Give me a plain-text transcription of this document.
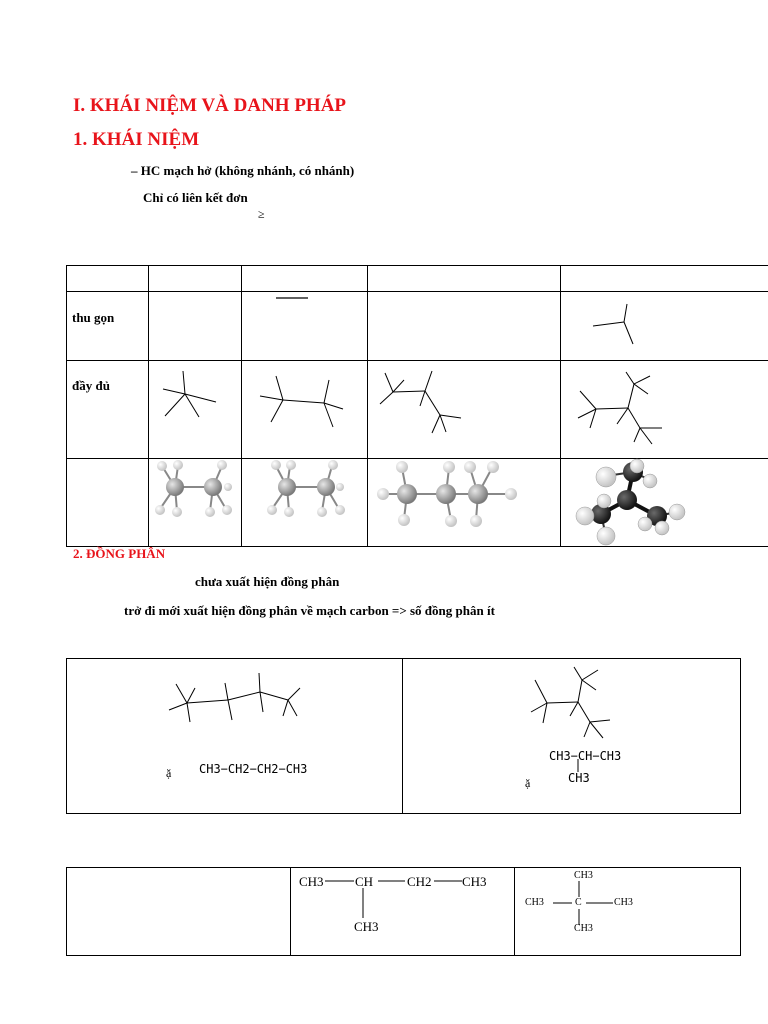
I. KHÁI NIỆM VÀ DANH PHÁP
1. KHÁI NIỆM
– HC mạch hở (không nhánh, có nhánh)
Chỉ có liên kết đơn
≥
thu gọn
đầy đủ
2. ĐỒNG PHÂN
chưa xuất hiện đồng phân
trở đi mới xuất hiện đồng phân về mạch carbon => số đồng phân ít
ặ CH3−CH2−CH2−CH3
CH3−CH−CH3
CH3
ặ
CH3 CH	CH2 CH3
CH3
CH3
CH3	C	CH3
CH3
